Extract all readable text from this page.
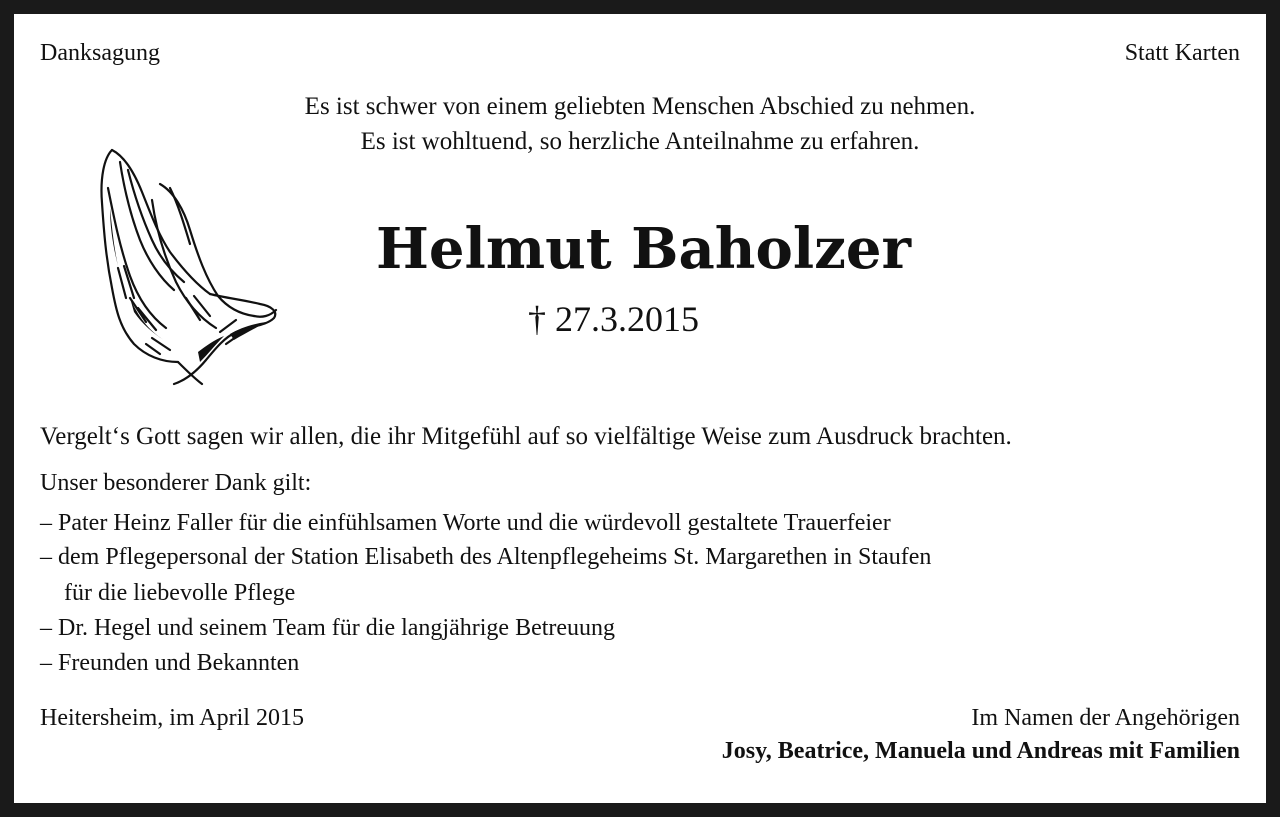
Danksagung	Statt Karten
Es ist schwer von einem geliebten Menschen Abschied zu nehmen.
Es ist wohltuend, so herzliche Anteilnahme zu erfahren.
Helmut Baholzer
† 27.3.2015
Vergelt‘s Gott sagen wir allen, die ihr Mitgefühl auf so vielfältige Weise zum Ausdruck brachten.
Unser besonderer Dank gilt:
– Pater Heinz Faller für die einfühlsamen Worte und die würdevoll gestaltete Trauerfeier
– dem Pflegepersonal der Station Elisabeth des Altenpflegeheims St. Margarethen in Staufen
für die liebevolle Pflege
– Dr. Hegel und seinem Team für die langjährige Betreuung
– Freunden und Bekannten
Heitersheim, im April 2015	Im Namen der Angehörigen
Josy, Beatrice, Manuela und Andreas mit Familien
